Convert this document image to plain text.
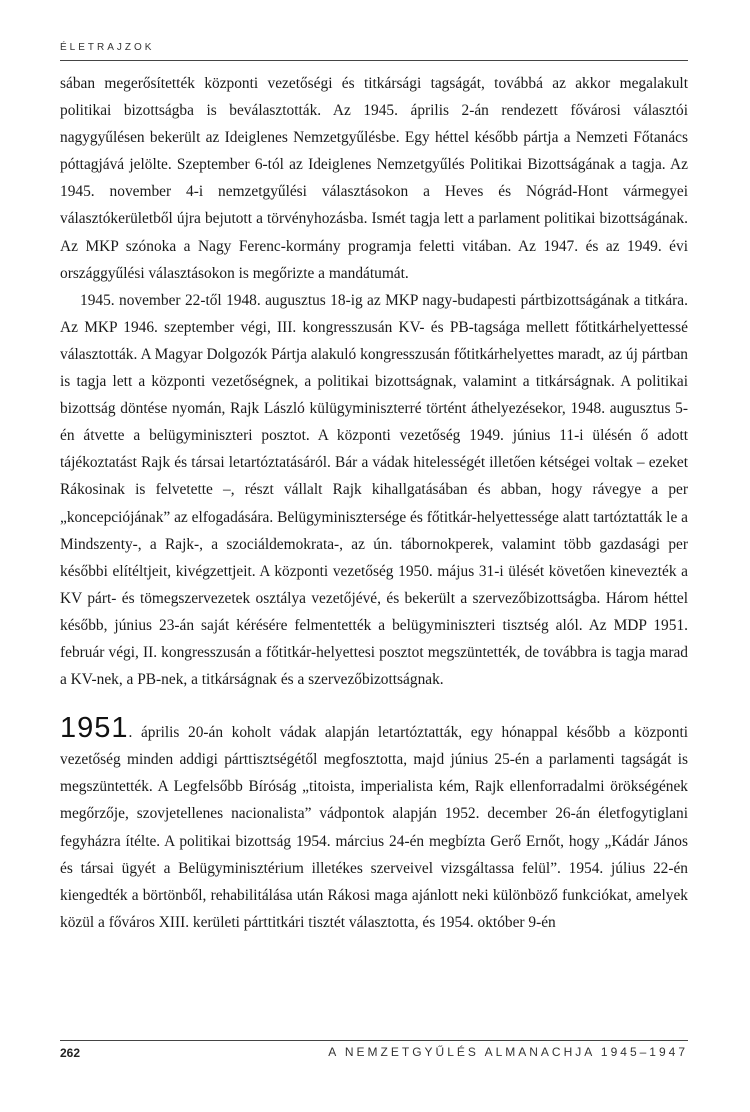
ÉLETRAJZOK

sában megerősítették központi vezetőségi és titkársági tagságát, továbbá az akkor megalakult politikai bizottságba is beválasztották. Az 1945. április 2-án rendezett fővárosi választói nagygyűlésen bekerült az Ideiglenes Nemzetgyűlésbe. Egy héttel később pártja a Nemzeti Főtanács póttagjává jelölte. Szeptember 6-tól az Ideiglenes Nemzetgyűlés Politikai Bizottságának a tagja. Az 1945. november 4-i nemzetgyűlési választásokon a Heves és Nógrád-Hont vármegyei választókerületből újra bejutott a törvényhozásba. Ismét tagja lett a parlament politikai bizottságának. Az MKP szónoka a Nagy Ferenc-kormány programja feletti vitában. Az 1947. és az 1949. évi országgyűlési választásokon is megőrizte a mandátumát.

1945. november 22-től 1948. augusztus 18-ig az MKP nagy-budapesti pártbizottságának a titkára. Az MKP 1946. szeptember végi, III. kongresszusán KV- és PB-tagsága mellett főtitkárhelyettessé választották. A Magyar Dolgozók Pártja alakuló kongresszusán főtitkárhelyettes maradt, az új pártban is tagja lett a központi vezetőségnek, a politikai bizottságnak, valamint a titkárságnak. A politikai bizottság döntése nyomán, Rajk László külügyminiszterré történt áthelyezésekor, 1948. augusztus 5-én átvette a belügyminiszteri posztot. A központi vezetőség 1949. június 11-i ülésén ő adott tájékoztatást Rajk és társai letartóztatásáról. Bár a vádak hitelességét illetően kétségei voltak – ezeket Rákosinak is felvetette –, részt vállalt Rajk kihallgatásában és abban, hogy rávegye a per „koncepciójának” az elfogadására. Belügyminisztersége és főtitkár-helyettessége alatt tartóztatták le a Mindszenty-, a Rajk-, a szociáldemokrata-, az ún. tábornokperek, valamint több gazdasági per későbbi elítéltjeit, kivégzettjeit. A központi vezetőség 1950. május 31-i ülését követően kinevezték a KV párt- és tömegszervezetek osztálya vezetőjévé, és bekerült a szervezőbizottságba. Három héttel később, június 23-án saját kérésére felmentették a belügyminiszteri tisztség alól. Az MDP 1951. február végi, II. kongresszusán a főtitkár-helyettesi posztot megszüntették, de továbbra is tagja marad a KV-nek, a PB-nek, a titkárságnak és a szervezőbizottságnak.

1951. április 20-án koholt vádak alapján letartóztatták, egy hónappal később a központi vezetőség minden addigi párttisztségétől megfosztotta, majd június 25-én a parlamenti tagságát is megszüntették. A Legfelsőbb Bíróság „titoista, imperialista kém, Rajk ellenforradalmi örökségének megőrzője, szovjetellenes nacionalista” vádpontok alapján 1952. december 26-án életfogytiglani fegyházra ítélte. A politikai bizottság 1954. március 24-én megbízta Gerő Ernőt, hogy „Kádár János és társai ügyét a Belügyminisztérium illetékes szerveivel vizsgáltassa felül”. 1954. július 22-én kiengedték a börtönből, rehabilitálása után Rákosi maga ajánlott neki különböző funkciókat, amelyek közül a főváros XIII. kerületi párttitkári tisztét választotta, és 1954. október 9-én

262	A NEMZETGYŰLÉS ALMANACHJA 1945–1947
